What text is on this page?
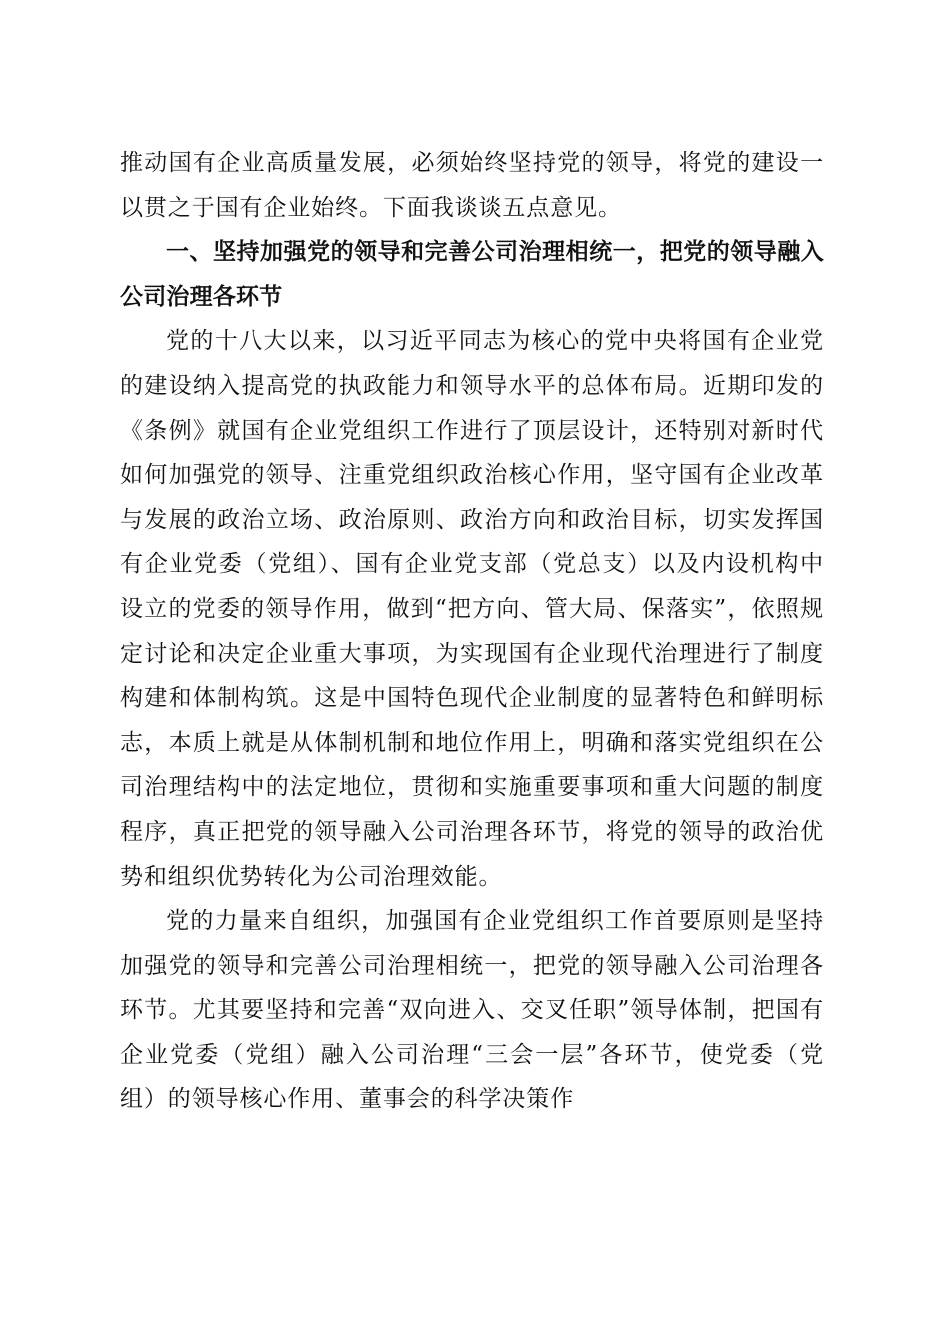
推动国有企业高质量发展，必须始终坚持党的领导，将党的建设一以贯之于国有企业始终。下面我谈谈五点意见。

一、坚持加强党的领导和完善公司治理相统一，把党的领导融入公司治理各环节

党的十八大以来，以习近平同志为核心的党中央将国有企业党的建设纳入提高党的执政能力和领导水平的总体布局。近期印发的《条例》就国有企业党组织工作进行了顶层设计，还特别对新时代如何加强党的领导、注重党组织政治核心作用，坚守国有企业改革与发展的政治立场、政治原则、政治方向和政治目标，切实发挥国有企业党委（党组）、国有企业党支部（党总支）以及内设机构中设立的党委的领导作用，做到“把方向、管大局、保落实”，依照规定讨论和决定企业重大事项，为实现国有企业现代治理进行了制度构建和体制构筑。这是中国特色现代企业制度的显著特色和鲜明标志，本质上就是从体制机制和地位作用上，明确和落实党组织在公司治理结构中的法定地位，贯彻和实施重要事项和重大问题的制度程序，真正把党的领导融入公司治理各环节，将党的领导的政治优势和组织优势转化为公司治理效能。

党的力量来自组织，加强国有企业党组织工作首要原则是坚持加强党的领导和完善公司治理相统一，把党的领导融入公司治理各环节。尤其要坚持和完善“双向进入、交叉任职”领导体制，把国有企业党委（党组）融入公司治理“三会一层”各环节，使党委（党组）的领导核心作用、董事会的科学决策作
